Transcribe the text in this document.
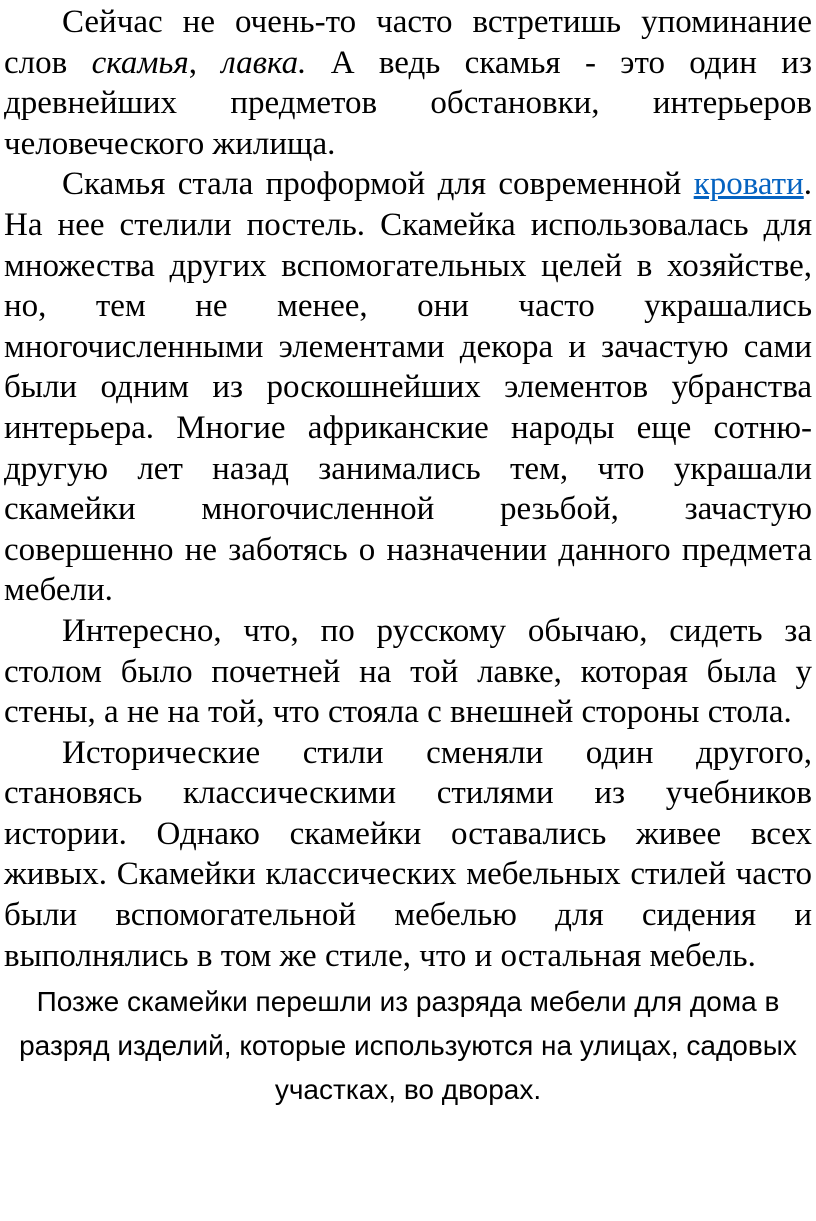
Сейчас не очень-то часто встретишь упоминание слов скамья, лавка. А ведь скамья - это один из древнейших предметов обстановки, интерьеров человеческого жилища.

Скамья стала проформой для современной кровати. На нее стелили постель. Скамейка использовалась для множества других вспомогательных целей в хозяйстве, но, тем не менее, они часто украшались многочисленными элементами декора и зачастую сами были одним из роскошнейших элементов убранства интерьера. Многие африканские народы еще сотню-другую лет назад занимались тем, что украшали скамейки многочисленной резьбой, зачастую совершенно не заботясь о назначении данного предмета мебели.

Интересно, что, по русскому обычаю, сидеть за столом было почетней на той лавке, которая была у стены, а не на той, что стояла с внешней стороны стола.

Исторические стили сменяли один другого, становясь классическими стилями из учебников истории. Однако скамейки оставались живее всех живых. Скамейки классических мебельных стилей часто были вспомогательной мебелью для сидения и выполнялись в том же стиле, что и остальная мебель.

Позже скамейки перешли из разряда мебели для дома в разряд изделий, которые используются на улицах, садовых участках, во дворах.
